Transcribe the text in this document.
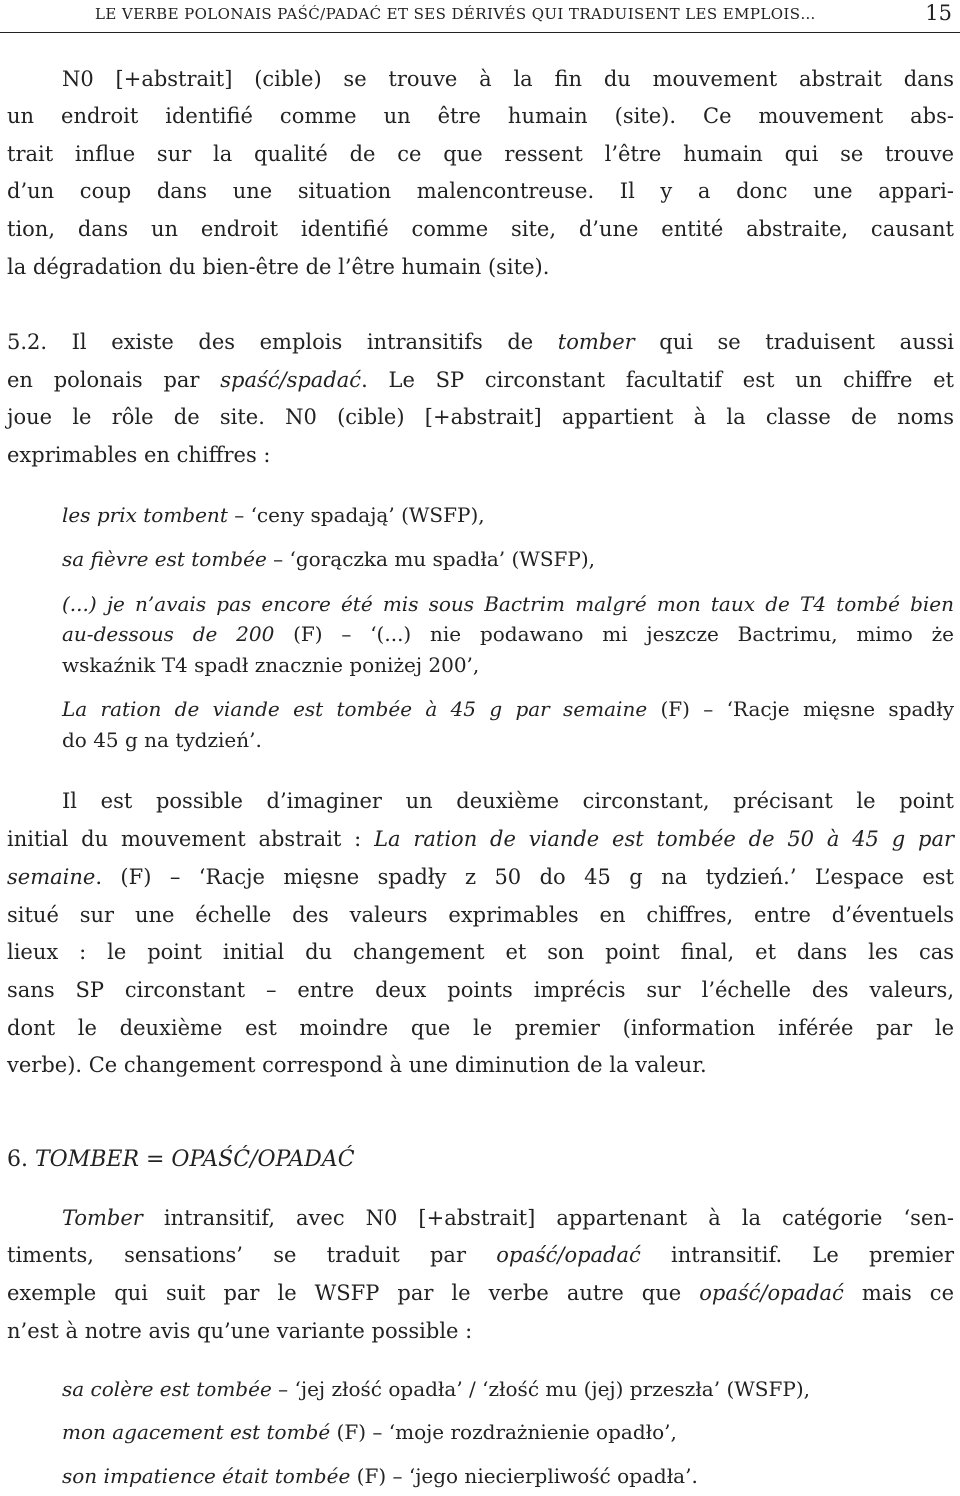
LE VERBE POLONAIS PAŚĆ/PADAĆ ET SES DÉRIVÉS QUI TRADUISENT LES EMPLOIS…	15
N0 [+abstrait] (cible) se trouve à la fin du mouvement abstrait dans
un endroit identifié comme un être humain (site). Ce mouvement abs-
trait influe sur la qualité de ce que ressent l’être humain qui se trouve
d’un coup dans une situation malencontreuse. Il y a donc une appari-
tion, dans un endroit identifié comme site, d’une entité abstraite, causant
la dégradation du bien-être de l’être humain (site).
5.2. Il existe des emplois intransitifs de tomber qui se traduisent aussi
en polonais par spaść/spadać. Le SP circonstant facultatif est un chiffre et
joue le rôle de site. N0 (cible) [+abstrait] appartient à la classe de noms
exprimables en chiffres :
les prix tombent – ‘ceny spadają’ (WSFP),
sa fièvre est tombée – ‘gorączka mu spadła’ (WSFP),
(...) je n’avais pas encore été mis sous Bactrim malgré mon taux de T4 tombé bien
au-dessous de 200 (F) – ‘(...) nie podawano mi jeszcze Bactrimu, mimo że
wskaźnik T4 spadł znacznie poniżej 200’,
La ration de viande est tombée à 45 g par semaine (F) – ‘Racje mięsne spadły
do 45 g na tydzień’.
Il est possible d’imaginer un deuxième circonstant, précisant le point
initial du mouvement abstrait : La ration de viande est tombée de 50 à 45 g par
semaine. (F) – ‘Racje mięsne spadły z 50 do 45 g na tydzień.’ L’espace est
situé sur une échelle des valeurs exprimables en chiffres, entre d’éventuels
lieux : le point initial du changement et son point final, et dans les cas
sans SP circonstant – entre deux points imprécis sur l’échelle des valeurs,
dont le deuxième est moindre que le premier (information inférée par le
verbe). Ce changement correspond à une diminution de la valeur.
6. TOMBER = OPAŚĆ/OPADAĆ
Tomber intransitif, avec N0 [+abstrait] appartenant à la catégorie ‘sen-
timents, sensations’ se traduit par opaść/opadać intransitif. Le premier
exemple qui suit par le WSFP par le verbe autre que opaść/opadać mais ce
n’est à notre avis qu’une variante possible :
sa colère est tombée – ‘jej złość opadła’ / ‘złość mu (jej) przeszła’ (WSFP),
mon agacement est tombé (F) – ‘moje rozdrażnienie opadło’,
son impatience était tombée (F) – ‘jego niecierpliwość opadła’.
